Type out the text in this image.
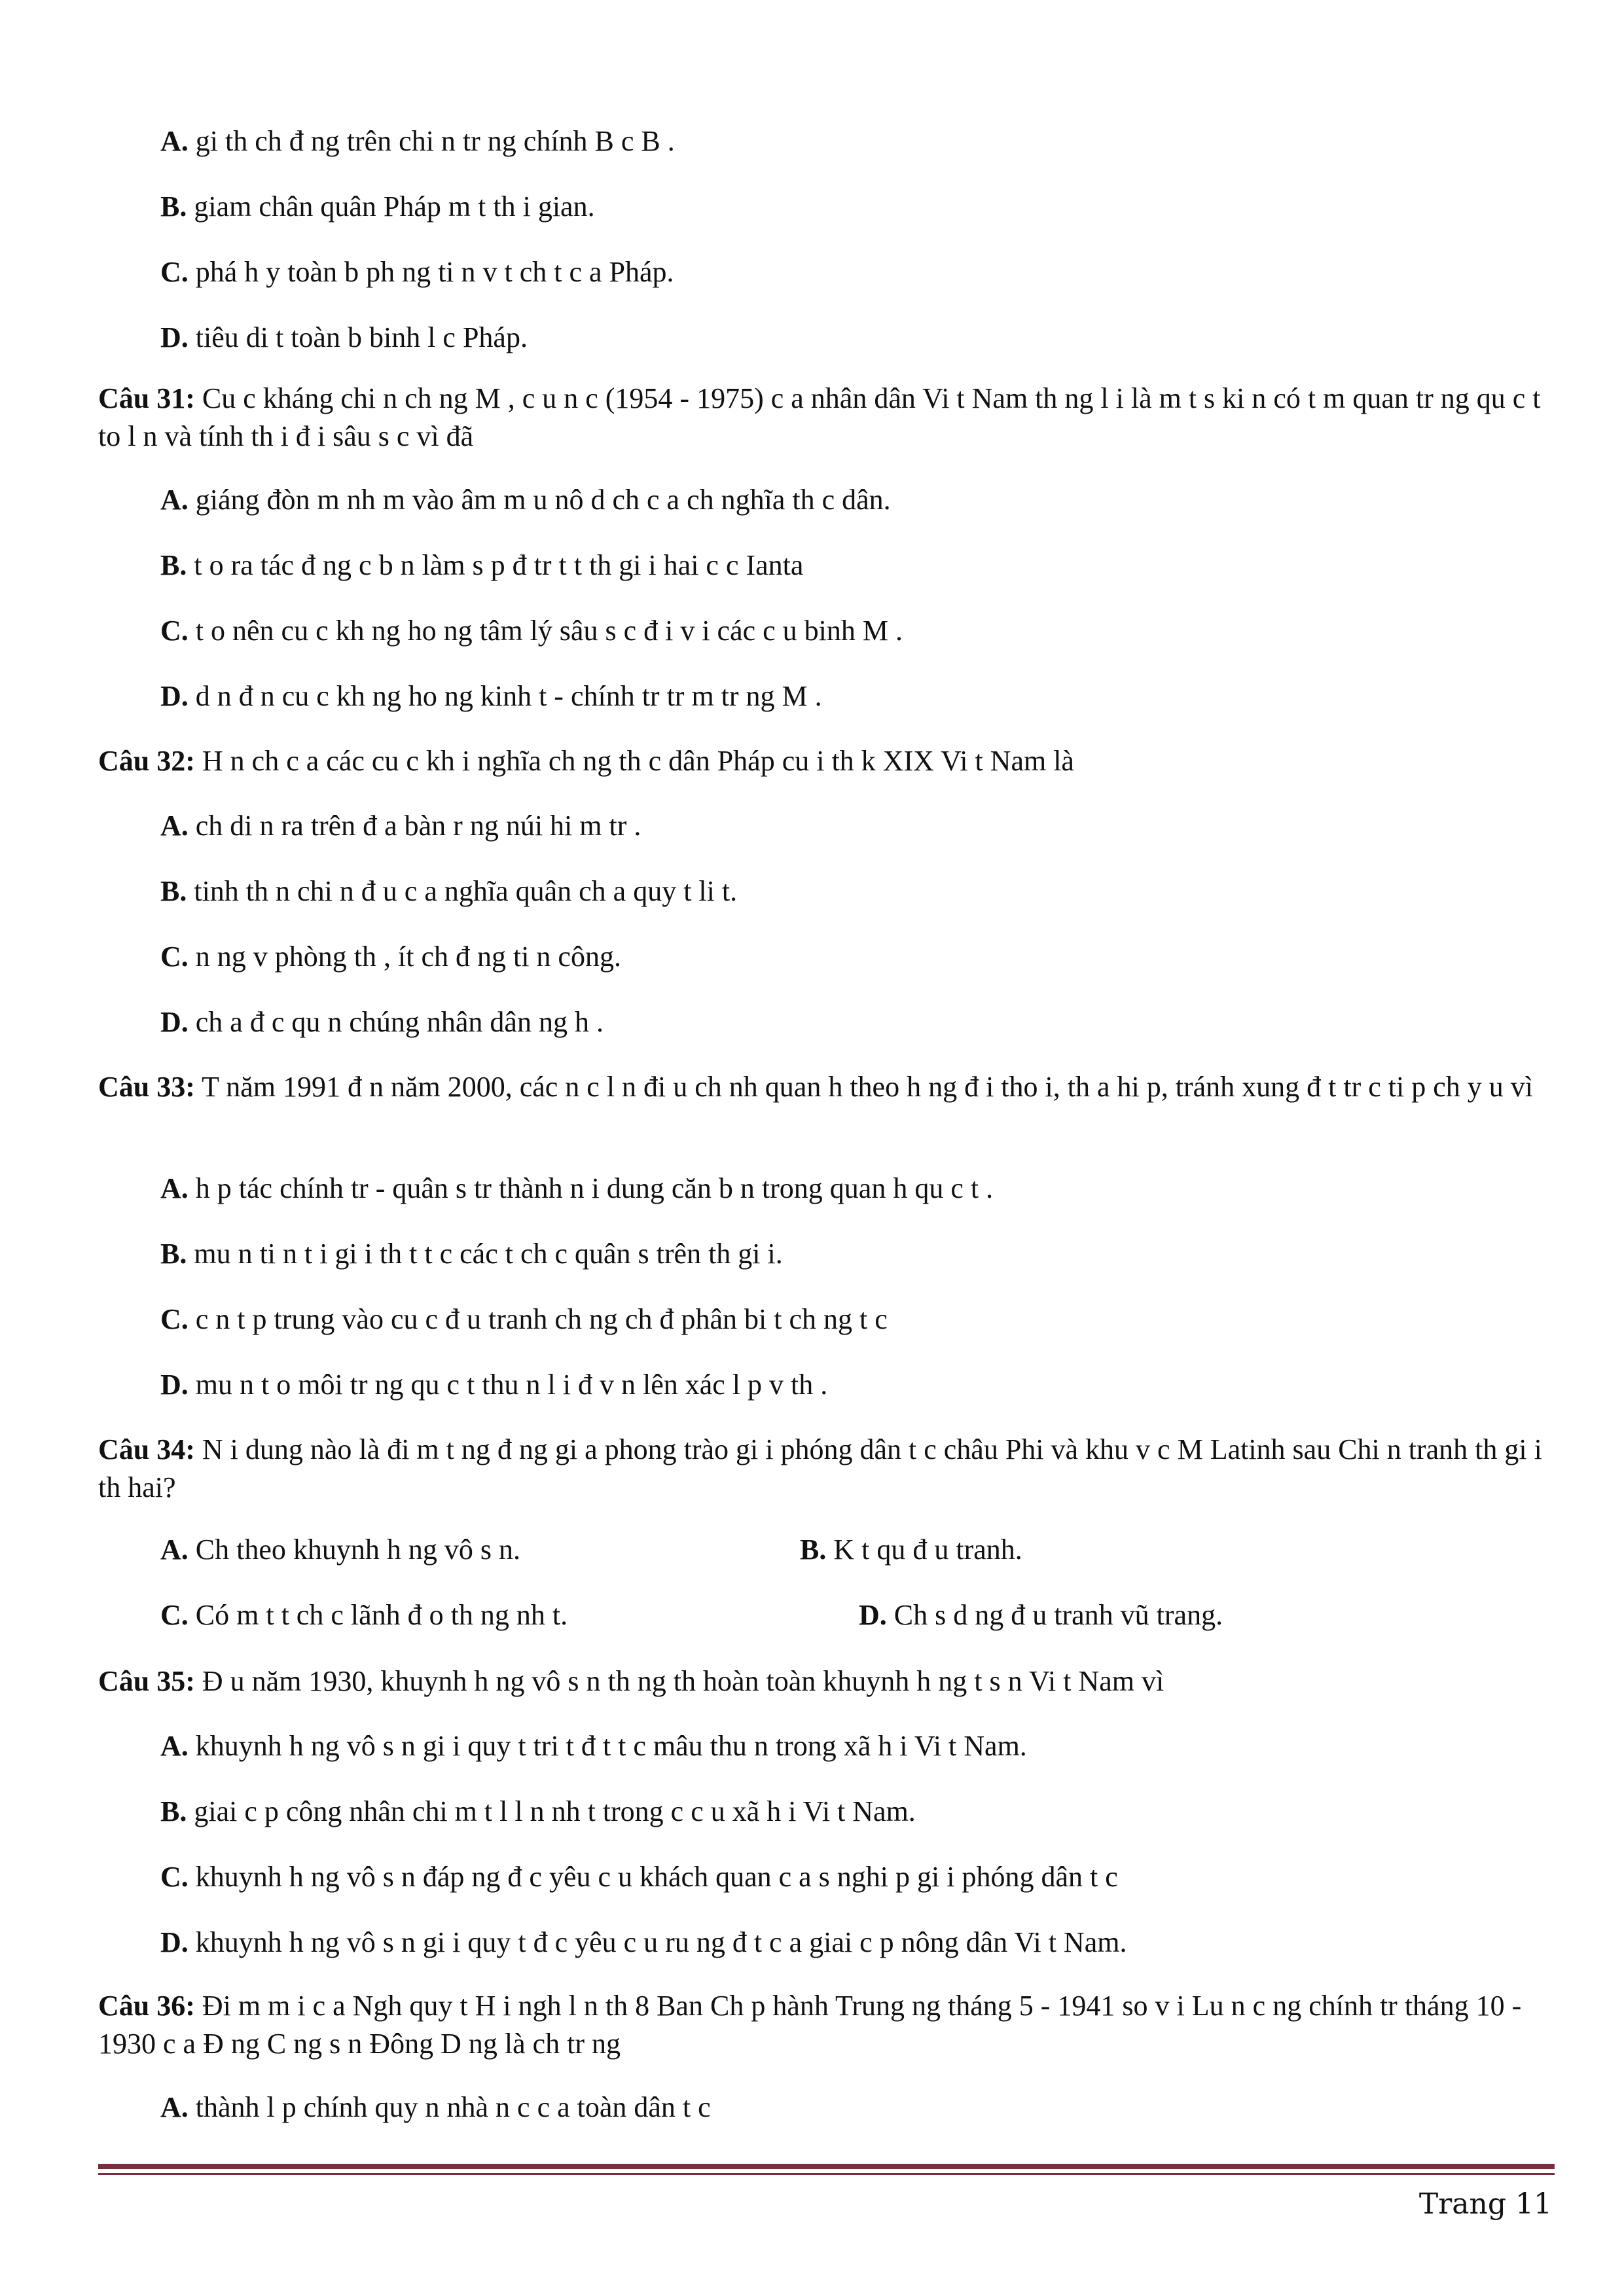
A. gi th ch đ ng trên chi n tr ng chính B c B .
B. giam chân quân Pháp m t th i gian.
C. phá h y toàn b ph ng ti n v t ch t c a Pháp.
D. tiêu di t toàn b binh l c Pháp.
Câu 31: Cu c kháng chi n ch ng M , c u n c (1954 - 1975) c a nhân dân Vi t Nam th ng l i là m t s ki n có t m quan tr ng qu c t to l n và tính th i đ i sâu s c vì đã
A. giáng đòn m nh m vào âm m u nô d ch c a ch nghĩa th c dân.
B. t o ra tác đ ng c b n làm s p đ tr t t th gi i hai c c Ianta
C. t o nên cu c kh ng ho ng tâm lý sâu s c đ i v i các c u binh M .
D. d n đ n cu c kh ng ho ng kinh t - chính tr tr m tr ng M .
Câu 32: H n ch c a các cu c kh i nghĩa ch ng th c dân Pháp cu i th k XIX Vi t Nam là
A. ch di n ra trên đ a bàn r ng núi hi m tr .
B. tinh th n chi n đ u c a nghĩa quân ch a quy t li t.
C. n ng v phòng th , ít ch đ ng ti n công.
D. ch a đ c qu n chúng nhân dân ng h .
Câu 33: T năm 1991 đ n năm 2000, các n c l n đi u ch nh quan h theo h ng đ i tho i, th a hi p, tránh xung đ t tr c ti p ch y u vì
A. h p tác chính tr - quân s tr thành n i dung căn b n trong quan h qu c t .
B. mu n ti n t i gi i th t t c các t ch c quân s trên th gi i.
C. c n t p trung vào cu c đ u tranh ch ng ch đ phân bi t ch ng t c
D. mu n t o môi tr ng qu c t thu n l i đ v n lên xác l p v th .
Câu 34: N i dung nào là đi m t ng đ ng gi a phong trào gi i phóng dân t c châu Phi và khu v c M Latinh sau Chi n tranh th gi i th hai?
A. Ch theo khuynh h ng vô s n.	B. K t qu đ u tranh.
C. Có m t t ch c lãnh đ o th ng nh t.	D. Ch s d ng đ u tranh vũ trang.
Câu 35: Đ u năm 1930, khuynh h ng vô s n th ng th hoàn toàn khuynh h ng t s n Vi t Nam vì
A. khuynh h ng vô s n gi i quy t tri t đ t t c mâu thu n trong xã h i Vi t Nam.
B. giai c p công nhân chi m t l l n nh t trong c c u xã h i Vi t Nam.
C. khuynh h ng vô s n đáp ng đ c yêu c u khách quan c a s nghi p gi i phóng dân t c
D. khuynh h ng vô s n gi i quy t đ c yêu c u ru ng đ t c a giai c p nông dân Vi t Nam.
Câu 36: Đi m m i c a Ngh quy t H i ngh l n th 8 Ban Ch p hành Trung ng tháng 5 - 1941 so v i Lu n c ng chính tr tháng 10 - 1930 c a Đ ng C ng s n Đông D ng là ch tr ng
A. thành l p chính quy n nhà n c c a toàn dân t c
Trang 11
